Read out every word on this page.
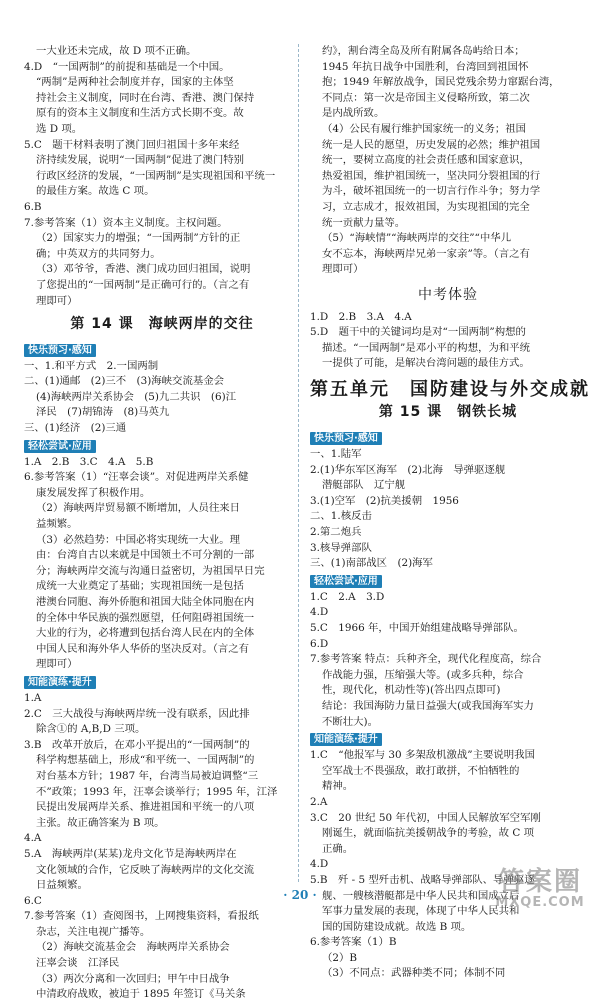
一大业还未完成，故 D 项不正确。
4.D　“一国两制”的前提和基础是一个中国。
“两制”是两种社会制度并存，国家的主体坚
持社会主义制度，同时在台湾、香港、澳门保持
原有的资本主义制度和生活方式长期不变。故
选 D 项。
5.C　题干材料表明了澳门回归祖国十多年来经
济持续发展，说明“一国两制”促进了澳门特别
行政区经济的发展，“一国两制”是实现祖国和平统一
的最佳方案。故选 C 项。
6.B
7.参考答案（1）资本主义制度。主权问题。
（2）国家实力的增强；“一国两制”方针的正
确；中英双方的共同努力。
（3）邓爷爷，香港、澳门成功回归祖国，说明
了您提出的“一国两制”是正确可行的。（言之有
理即可）
第 14 课　海峡两岸的交往
快乐预习·感知
一、1.和平方式　2.一国两制
二、(1)通邮　(2)三不　(3)海峡交流基金会
(4)海峡两岸关系协会　(5)九二共识　(6)江
泽民　(7)胡锦涛　(8)马英九
三、(1)经济　(2)三通
轻松尝试·应用
1.A　2.B　3.C　4.A　5.B
6.参考答案（1）“汪辜会谈”。对促进两岸关系健
康发展发挥了积极作用。
（2）海峡两岸贸易额不断增加，人员往来日
益频繁。
（3）必然趋势：中国必将实现统一大业。理
由：台湾自古以来就是中国领土不可分割的一部
分；海峡两岸交流与沟通日益密切，为祖国早日完
成统一大业奠定了基础；实现祖国统一是包括
港澳台同胞、海外侨胞和祖国大陆全体同胞在内
的全体中华民族的强烈愿望，任何阻碍祖国统一
大业的行为，必将遭到包括台湾人民在内的全体
中国人民和海外华人华侨的坚决反对。（言之有
理即可）
知能演练·提升
1.A
2.C　三大战役与海峡两岸统一没有联系，因此排
除含①的 A,B,D 三项。
3.B　改革开放后，在邓小平提出的“一国两制”的
科学构想基础上，形成“和平统一、一国两制”的
对台基本方针；1987 年，台湾当局被迫调整“三
不”政策；1993 年，汪辜会谈举行；1995 年，江泽
民提出发展两岸关系、推进祖国和平统一的八项
主张。故正确答案为 B 项。
4.A
5.A　海峡两岸(某某)龙舟文化节是海峡两岸在
文化领域的合作，它反映了海峡两岸的文化交流
日益频繁。
6.C
7.参考答案（1）查阅图书，上网搜集资料，看报纸
杂志，关注电视广播等。
（2）海峡交流基金会　海峡两岸关系协会
汪辜会谈　江泽民
（3）两次分离和一次回归；甲午中日战争
中清政府战败，被迫于 1895 年签订《马关条
约》，割台湾全岛及所有附属各岛屿给日本；
1945 年抗日战争中国胜利，台湾回到祖国怀
抱；1949 年解放战争，国民党残余势力窜踞台湾，
不同点：第一次是帝国主义侵略所致，第二次
是内战所致。
（4）公民有履行维护国家统一的义务；祖国
统一是人民的愿望，历史发展的必然；维护祖国
统一，要树立高度的社会责任感和国家意识，
热爱祖国，维护祖国统一，坚决同分裂祖国的行
为斗，破坏祖国统一的一切言行作斗争；努力学
习，立志成才，报效祖国，为实现祖国的完全
统一贡献力量等。
（5）“海峡情”“海峡两岸的交往”“中华儿
女不忘本，海峡两岸兄弟一家亲”等。（言之有
理即可）
中考体验
1.D　2.B　3.A　4.A
5.D　题干中的关键词均是对“一国两制”构想的
描述。“一国两制”是邓小平的构想，为和平统
一提供了可能，是解决台湾问题的最佳方式。
第五单元　国防建设与外交成就
第 15 课　钢铁长城
快乐预习·感知
一、1.陆军
2.(1)华东军区海军　(2)北海　导弹驱逐舰
潜艇部队　辽宁舰
3.(1)空军　(2)抗美援朝　1956
二、1.核反击
2.第二炮兵
3.核导弹部队
三、(1)南部战区　(2)海军
轻松尝试·应用
1.C　2.A　3.D
4.D
5.C　1966 年，中国开始组建战略导弹部队。
6.D
7.参考答案 特点：兵种齐全，现代化程度高，综合
作战能力强，压缩强大等。(或多兵种，综合
性，现代化，机动性等)(答出四点即可)
结论：我国海防力量日益强大(或我国海军实力
不断壮大)。
知能演练·提升
1.C　“他报军与 30 多架敌机激战”主要说明我国
空军战士不畏强敌，敢打敢拼，不怕牺牲的
精神。
2.A
3.C　20 世纪 50 年代初，中国人民解放军空军刚
刚诞生，就面临抗美援朝战争的考验，故 C 项
正确。
4.D
5.B　歼 - 5 型歼击机、战略导弹部队、导弹驱逐
舰、一艘核潜艇都是中华人民共和国成立后
军事力量发展的表现，体现了中华人民共和
国的国防建设成就。故选 B 项。
6.参考答案（1）B
（2）B
（3）不同点：武器种类不同；体制不同
· 20 ·	答案圈
MXQE.COM
